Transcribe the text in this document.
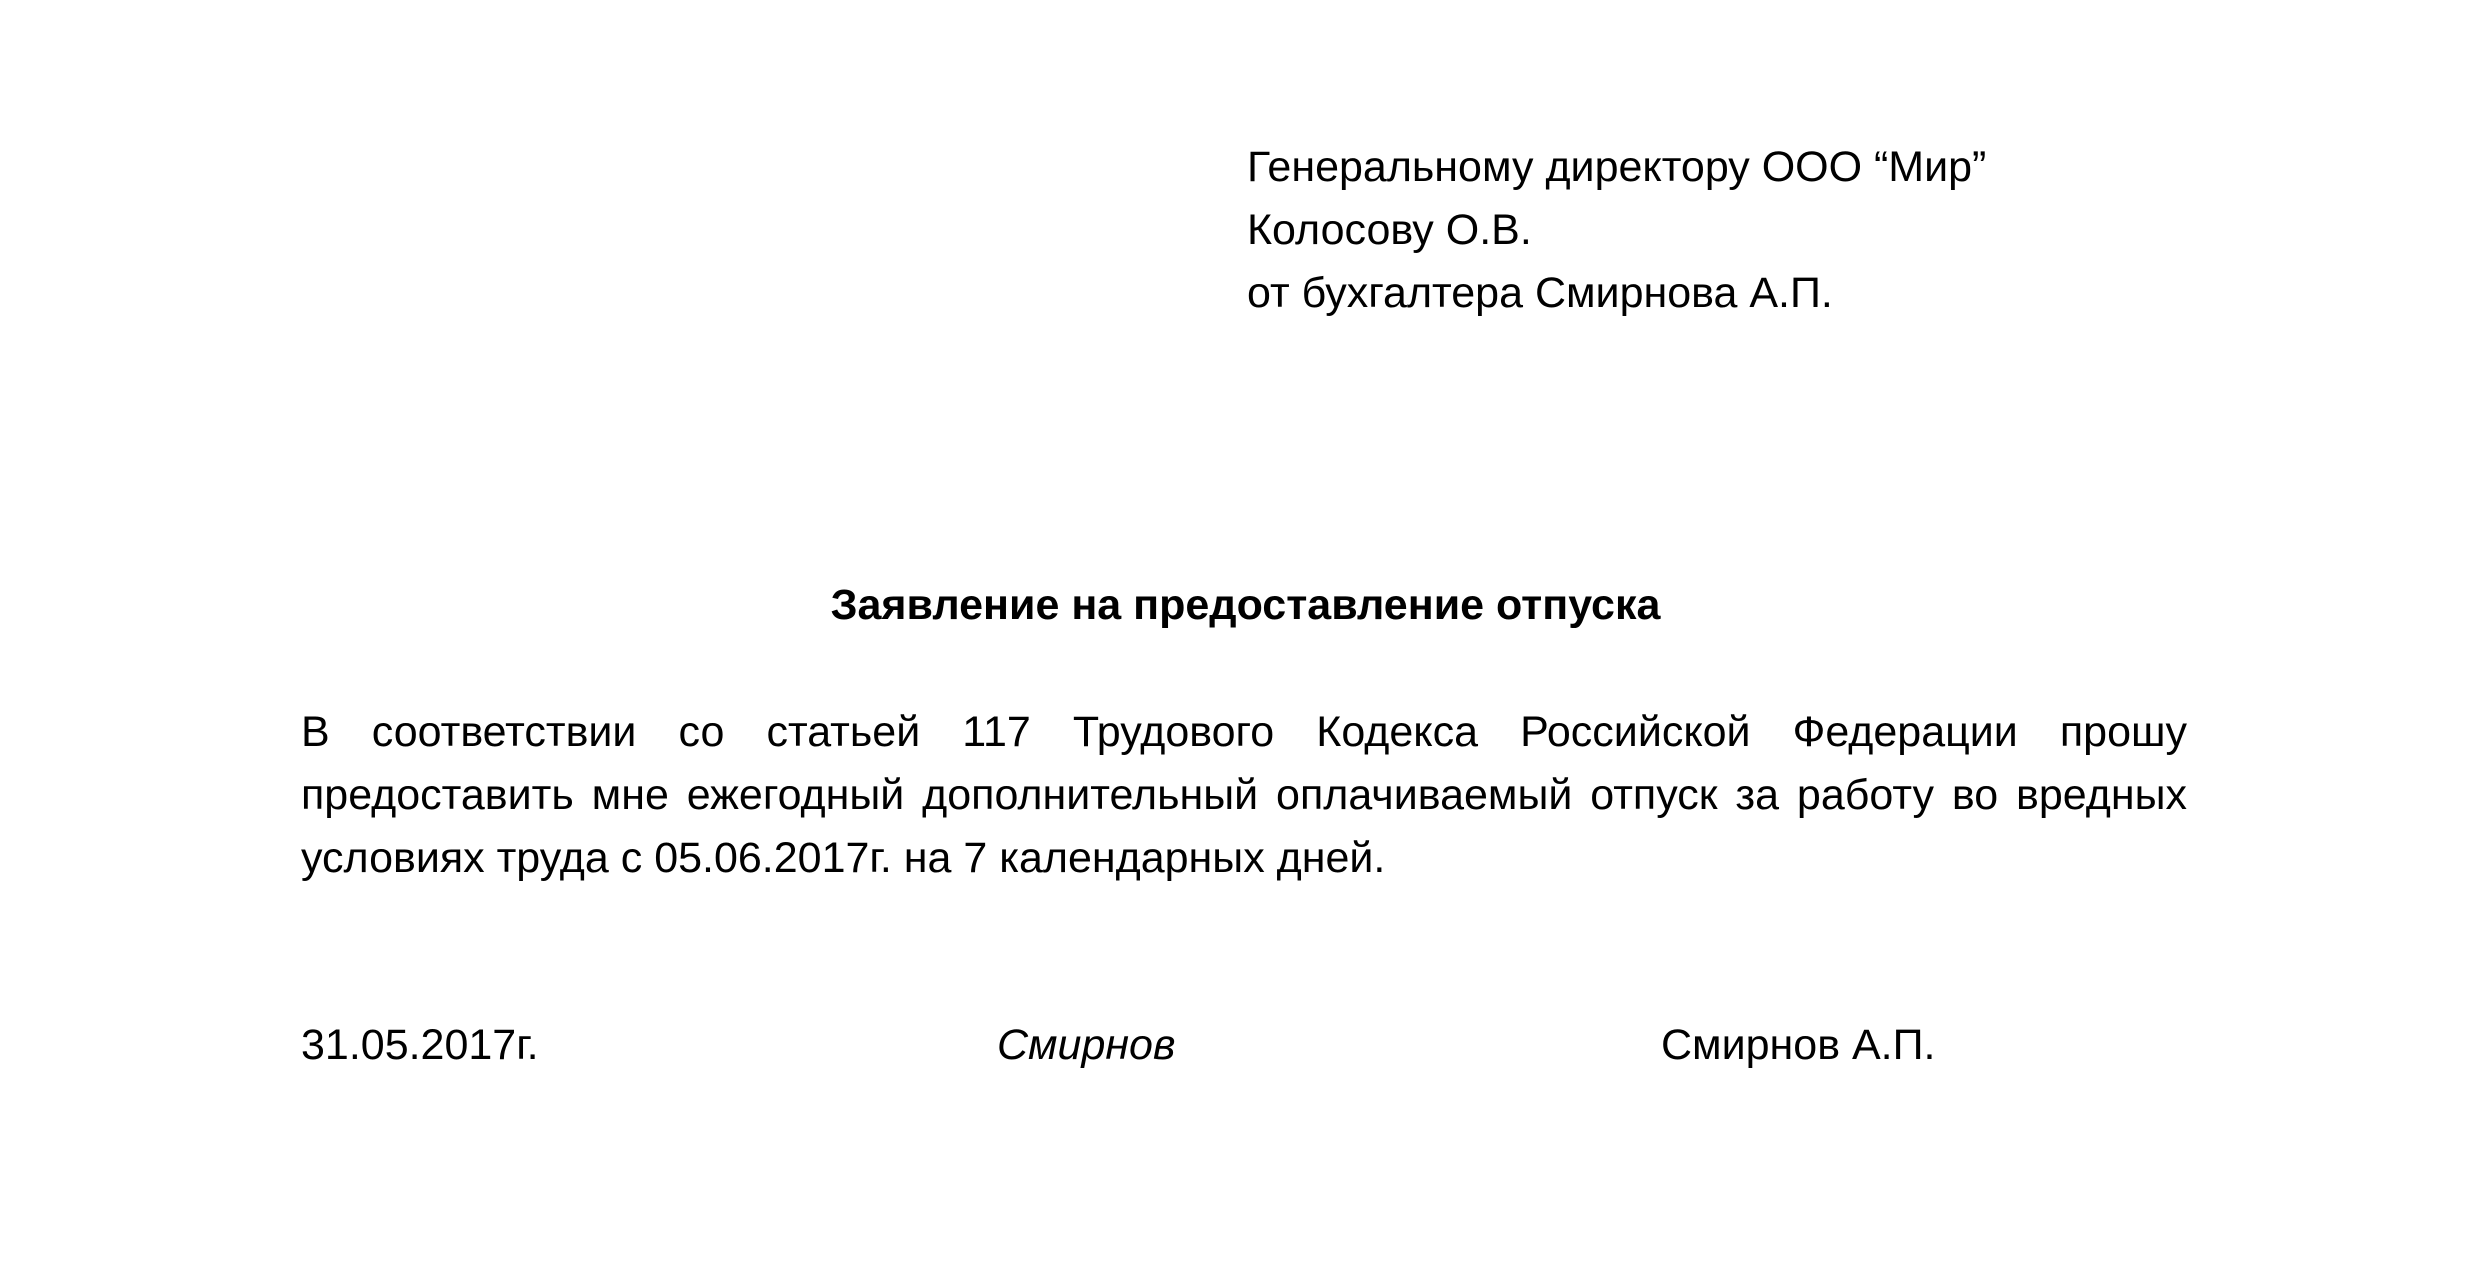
Генеральному директору ООО “Мир”
Колосову О.В.
от бухгалтера Смирнова А.П.
Заявление на предоставление отпуска
В соответствии со статьей 117 Трудового Кодекса Российской Федерации прошу предоставить мне ежегодный дополнительный оплачиваемый отпуск за работу во вредных условиях труда с 05.06.2017г. на 7 календарных дней.
31.05.2017г.	Смирнов	Смирнов А.П.
